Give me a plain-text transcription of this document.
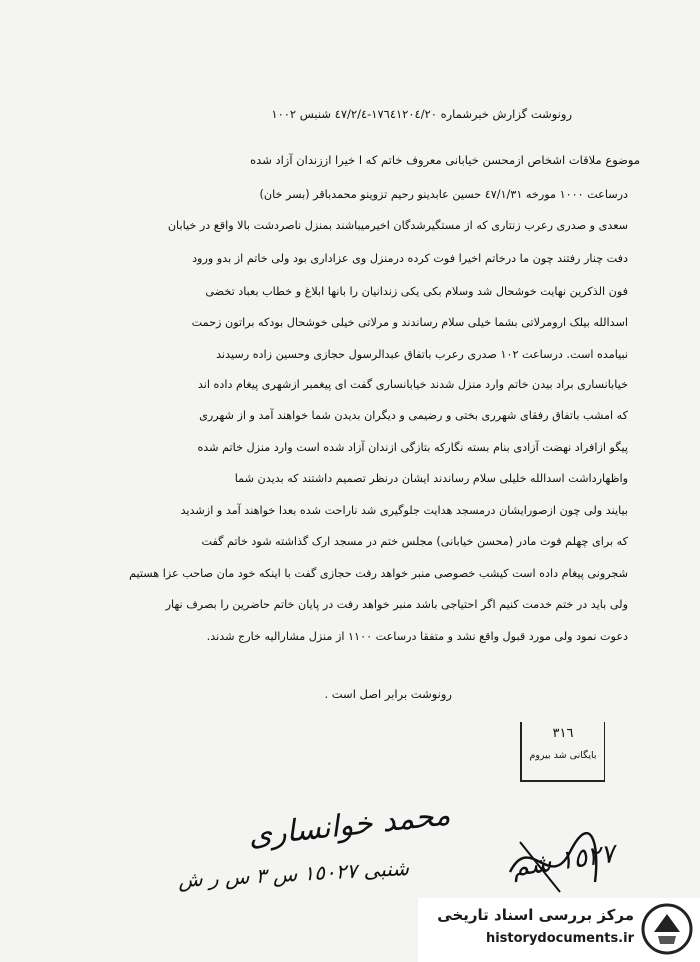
رونوشت گزارش خبرشماره ١٧٦٤١٢٠٤/٢٠-٤٧/٢/٤ شنبس ١٠٠٢
موضوع ملاقات اشخاص ازمحسن خیابانی معروف خاتم که ا خیرا اززندان آزاد شده
درساعت ١٠٠٠ مورخه ٤٧/١/٣١ حسین عابدینو رحیم تزوینو محمدباقر (بسر خان)
سعدی و صدری رعرب زنتاری که از مستگیرشدگان اخیرمیباشند بمنزل ناصردشت بالا واقع در خیابان
دفت چنار رفتند چون ما درخاتم اخیرا فوت کرده درمنزل وی عزاداری بود ولی خاتم از بدو ورود
فون الذکرین نهایت خوشحال شد وسلام بکی یکی زندانیان را بانها ابلاغ و خطاب بعباد تخضی
اسدالله بیلک ارومرلاتی بشما خیلی سلام رساندند و مرلاتی خیلی خوشحال بودکه براتون زحمت
نبیامده است. درساعت ١٠٢ صدری رعرب باتفاق عبدالرسول حجازی وحسین زاده رسیدند
خیابانساری براد بیدن خاتم وارد منزل شدند خیابانساری گفت ای پیغمبر ازشهری پیغام داده اند
که امشب باتفاق رفقای شهرری بختی و رضیمی و دیگران بدیدن شما خواهند آمد و از شهرری
پیگو ازافراد نهضت آزادی بنام بسته نگارکه بتازگی ازندان آزاد شده است وارد منزل خاتم شده
واظهارداشت اسدالله خلیلی سلام رساندند ایشان درنظر تصمیم داشتند که بدیدن شما
بیایند ولی چون ازصورایشان درمسجد هدایت جلوگیری شد ناراحت شده بعدا خواهند آمد و ازشدید
که برای چهلم فوت مادر (محسن خیابانی) مجلس ختم در مسجد ارک گذاشته شود خاتم گفت
شجرونی پیغام داده است کیشب خصوصی منبر خواهد رفت حجازی گفت با اینکه خود مان صاحب عزا هستیم
ولی باید در ختم خدمت کنیم اگر احتیاجی باشد منبر خواهد رفت در پایان خاتم حاضرین را بصرف نهار
دعوت نمود ولی مورد قبول واقع نشد و متفقا درساعت ١١٠٠ از منزل مشارالیه خارج شدند.
رونوشت برابر اصل است .
٣١٦
بایگانی شد بیروم
محمد خوانساری
شنبی ١٥٠٢٧ س ٣ س ر ش	١٥٢٧ شم
مرکز بررسی اسناد تاریخی
historydocuments.ir
